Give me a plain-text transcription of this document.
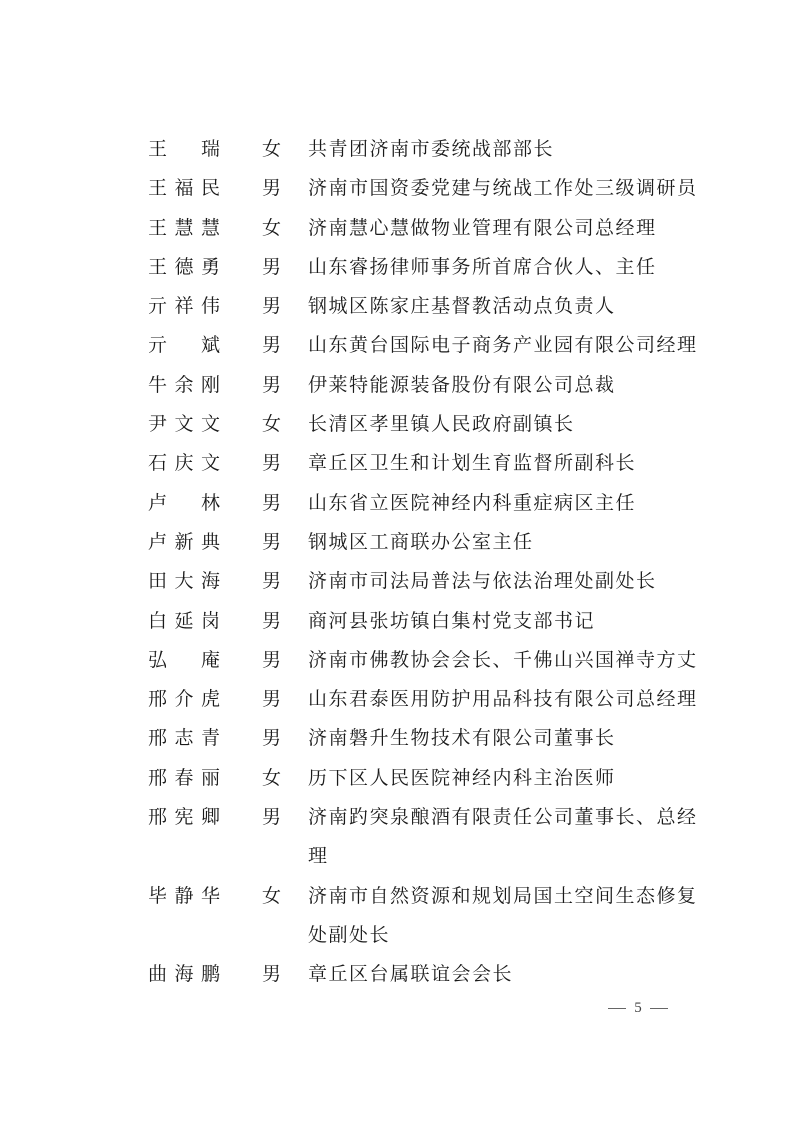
王 瑞 女	共青团济南市委统战部部长
王 福 民 男	济南市国资委党建与统战工作处三级调研员
王 慧 慧 女	济南慧心慧做物业管理有限公司总经理
王 德 勇 男	山东睿扬律师事务所首席合伙人、主任
亓 祥 伟 男	钢城区陈家庄基督教活动点负责人
亓 斌 男	山东黄台国际电子商务产业园有限公司经理
牛 余 刚 男	伊莱特能源装备股份有限公司总裁
尹 文 文 女	长清区孝里镇人民政府副镇长
石 庆 文 男	章丘区卫生和计划生育监督所副科长
卢 林 男	山东省立医院神经内科重症病区主任
卢 新 典 男	钢城区工商联办公室主任
田 大 海 男	济南市司法局普法与依法治理处副处长
白 延 岗 男	商河县张坊镇白集村党支部书记
弘 庵 男	济南市佛教协会会长、千佛山兴国禅寺方丈
邢 介 虎 男	山东君泰医用防护用品科技有限公司总经理
邢 志 青 男	济南磐升生物技术有限公司董事长
邢 春 丽 女	历下区人民医院神经内科主治医师
邢 宪 卿 男	济南趵突泉酿酒有限责任公司董事长、总经理
毕 静 华 女	济南市自然资源和规划局国土空间生态修复处副处长
曲 海 鹏 男	章丘区台属联谊会会长
5
